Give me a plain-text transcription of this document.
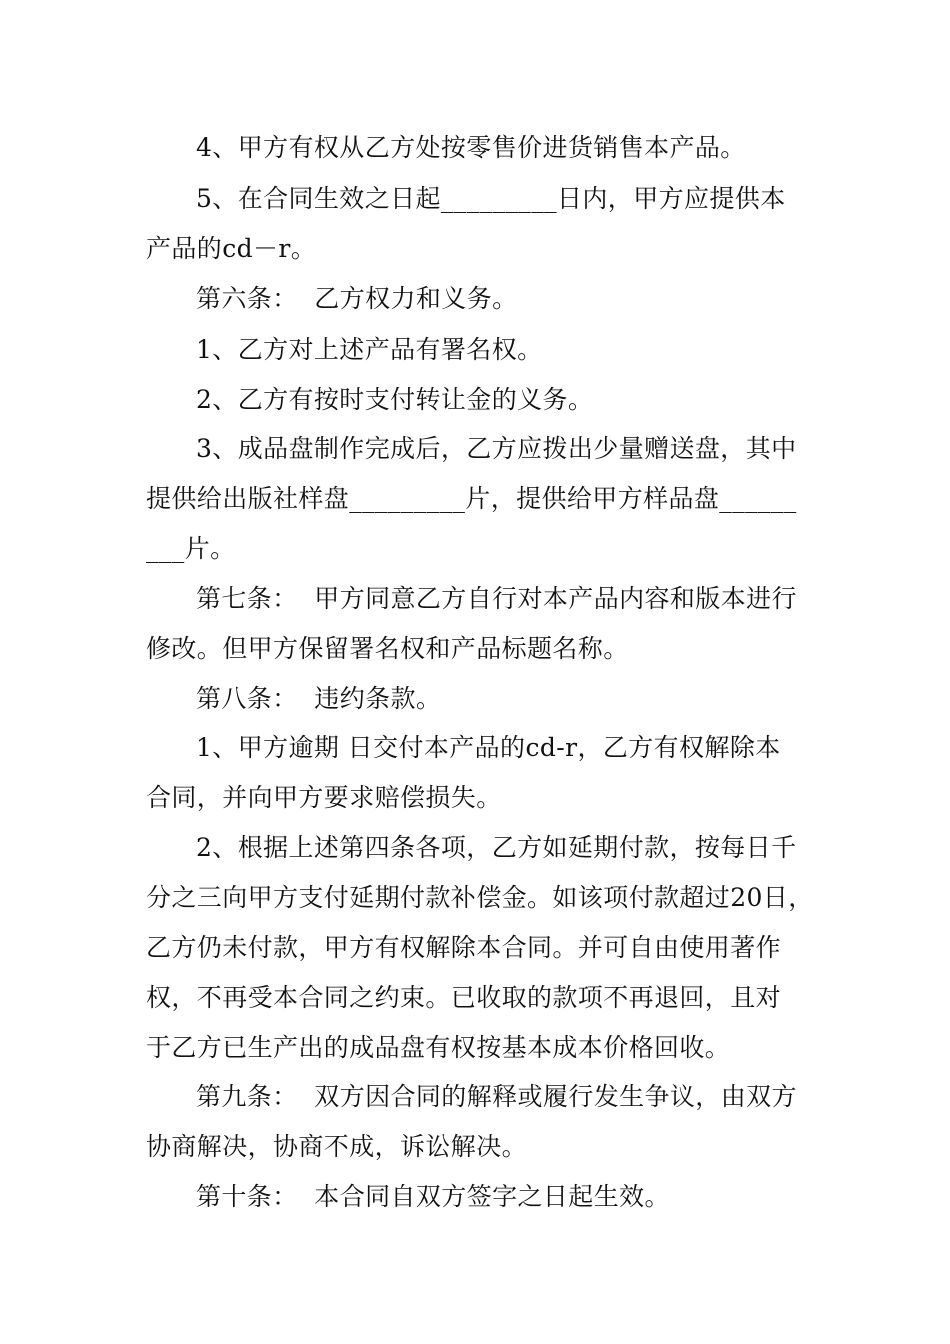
4、甲方有权从乙方处按零售价进货销售本产品。
5、在合同生效之日起_________日内，甲方应提供本
产品的cd－r。
第六条：  乙方权力和义务。
1、乙方对上述产品有署名权。
2、乙方有按时支付转让金的义务。
3、成品盘制作完成后，乙方应拨出少量赠送盘，其中
提供给出版社样盘_________片，提供给甲方样品盘______
___片。
第七条：  甲方同意乙方自行对本产品内容和版本进行
修改。但甲方保留署名权和产品标题名称。
第八条：  违约条款。
1、甲方逾期 日交付本产品的cd-r，乙方有权解除本
合同，并向甲方要求赔偿损失。
2、根据上述第四条各项，乙方如延期付款，按每日千
分之三向甲方支付延期付款补偿金。如该项付款超过20日，
乙方仍未付款，甲方有权解除本合同。并可自由使用著作
权，不再受本合同之约束。已收取的款项不再退回，且对
于乙方已生产出的成品盘有权按基本成本价格回收。
第九条：  双方因合同的解释或履行发生争议，由双方
协商解决，协商不成，诉讼解决。
第十条：  本合同自双方签字之日起生效。
